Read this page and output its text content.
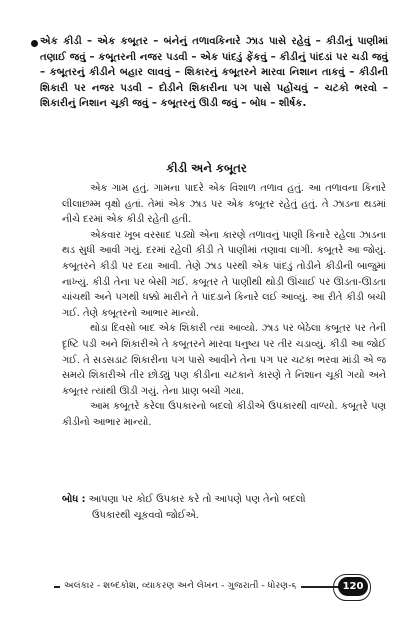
એક કીડી – એક કબૂતર – બંનેનું તળાવકિનારે ઝાડ પાસે રહેવું – કીડીનું પાણીમાં તણાઈ જવું – કબૂતરની નજર પડવી – એક પાંદડું ફેંકવું – કીડીનું પાંદડાં પર ચડી જવું – કબૂતરનું કીડીને બહાર લાવવું – શિકારનું કબૂતરને મારવા નિશાન તાકવું – કીડીની શિકારી પર નજર પડવી – દોડીને શિકારીના પગ પાસે પહોંચવું – ચટકો ભરવો – શિકારીનું નિશાન ચૂકી જવું – કબૂતરનું ઊડી જવું – બોધ – શીર્ષક.
કીડી અને કબૂતર

એક ગામ હતું. ગામના પાદરે એક વિશાળ તળાવ હતું. આ તળાવના કિનારે લીલાછમ્મ વૃક્ષો હતાં. તેમાં એક ઝાડ પર એક કબૂતર રહેતું હતું. તે ઝાડના થડમાં નીચે દરમાં એક કીડી રહેતી હતી.

એકવાર ખૂબ વરસાદ પડ્યો એના કારણે તળાવનું પાણી કિનારે રહેલા ઝાડના થડ સુધી આવી ગયું. દરમાં રહેલી કીડી તે પાણીમાં તણાવા લાગી. કબૂતરે આ જોયું. કબૂતરને કીડી પર દયા આવી. તેણે ઝાડ પરથી એક પાંદડું તોડીને કીડીની બાજુમાં નાખ્યું. કીડી તેના પર બેસી ગઈ. કબૂતર તે પાણીથી થોડી ઊંચાઈ પર ઊડતા-ઊડતા ચાંચથી અને પગથી ધક્કો મારીને તે પાંદડાને કિનારે લઈ આવ્યું. આ રીતે કીડી બચી ગઈ. તેણે કબૂતરનો આભાર માન્યો.

થોડા દિવસો બાદ એક શિકારી ત્યાં આવ્યો. ઝાડ પર બેઠેલા કબૂતર પર તેની દૃષ્ટિ પડી અને શિકારીએ તે કબૂતરને મારવા ધનુષ્ય પર તીર ચડાવ્યું. કીડી આ જોઈ ગઈ. તે સડસડાટ શિકારીના પગ પાસે આવીને તેના પગ પર ચટકા ભરવા માંડી એ જ સમયે શિકારીએ તીર છોડ્યું પણ કીડીના ચટકાને કારણે તે નિશાન ચૂકી ગયો અને કબૂતર ત્યાંથી ઊડી ગયું. તેના પ્રાણ બચી ગયા.

આમ કબૂતરે કરેલા ઉપકારનો બદલો કીડીએ ઉપકારથી વાળ્યો. કબૂતરે પણ કીડીનો આભાર માન્યો.

બોધ : આપણા પર કોઈ ઉપકાર કરે તો આપણે પણ તેનો બદલો
ઉપકારથી ચૂકવવો જોઈએ.
અલંકાર - શબ્દકોશ, વ્યાકરણ અને લેખન - ગુજરાતી - ધોરણ-૬	120
